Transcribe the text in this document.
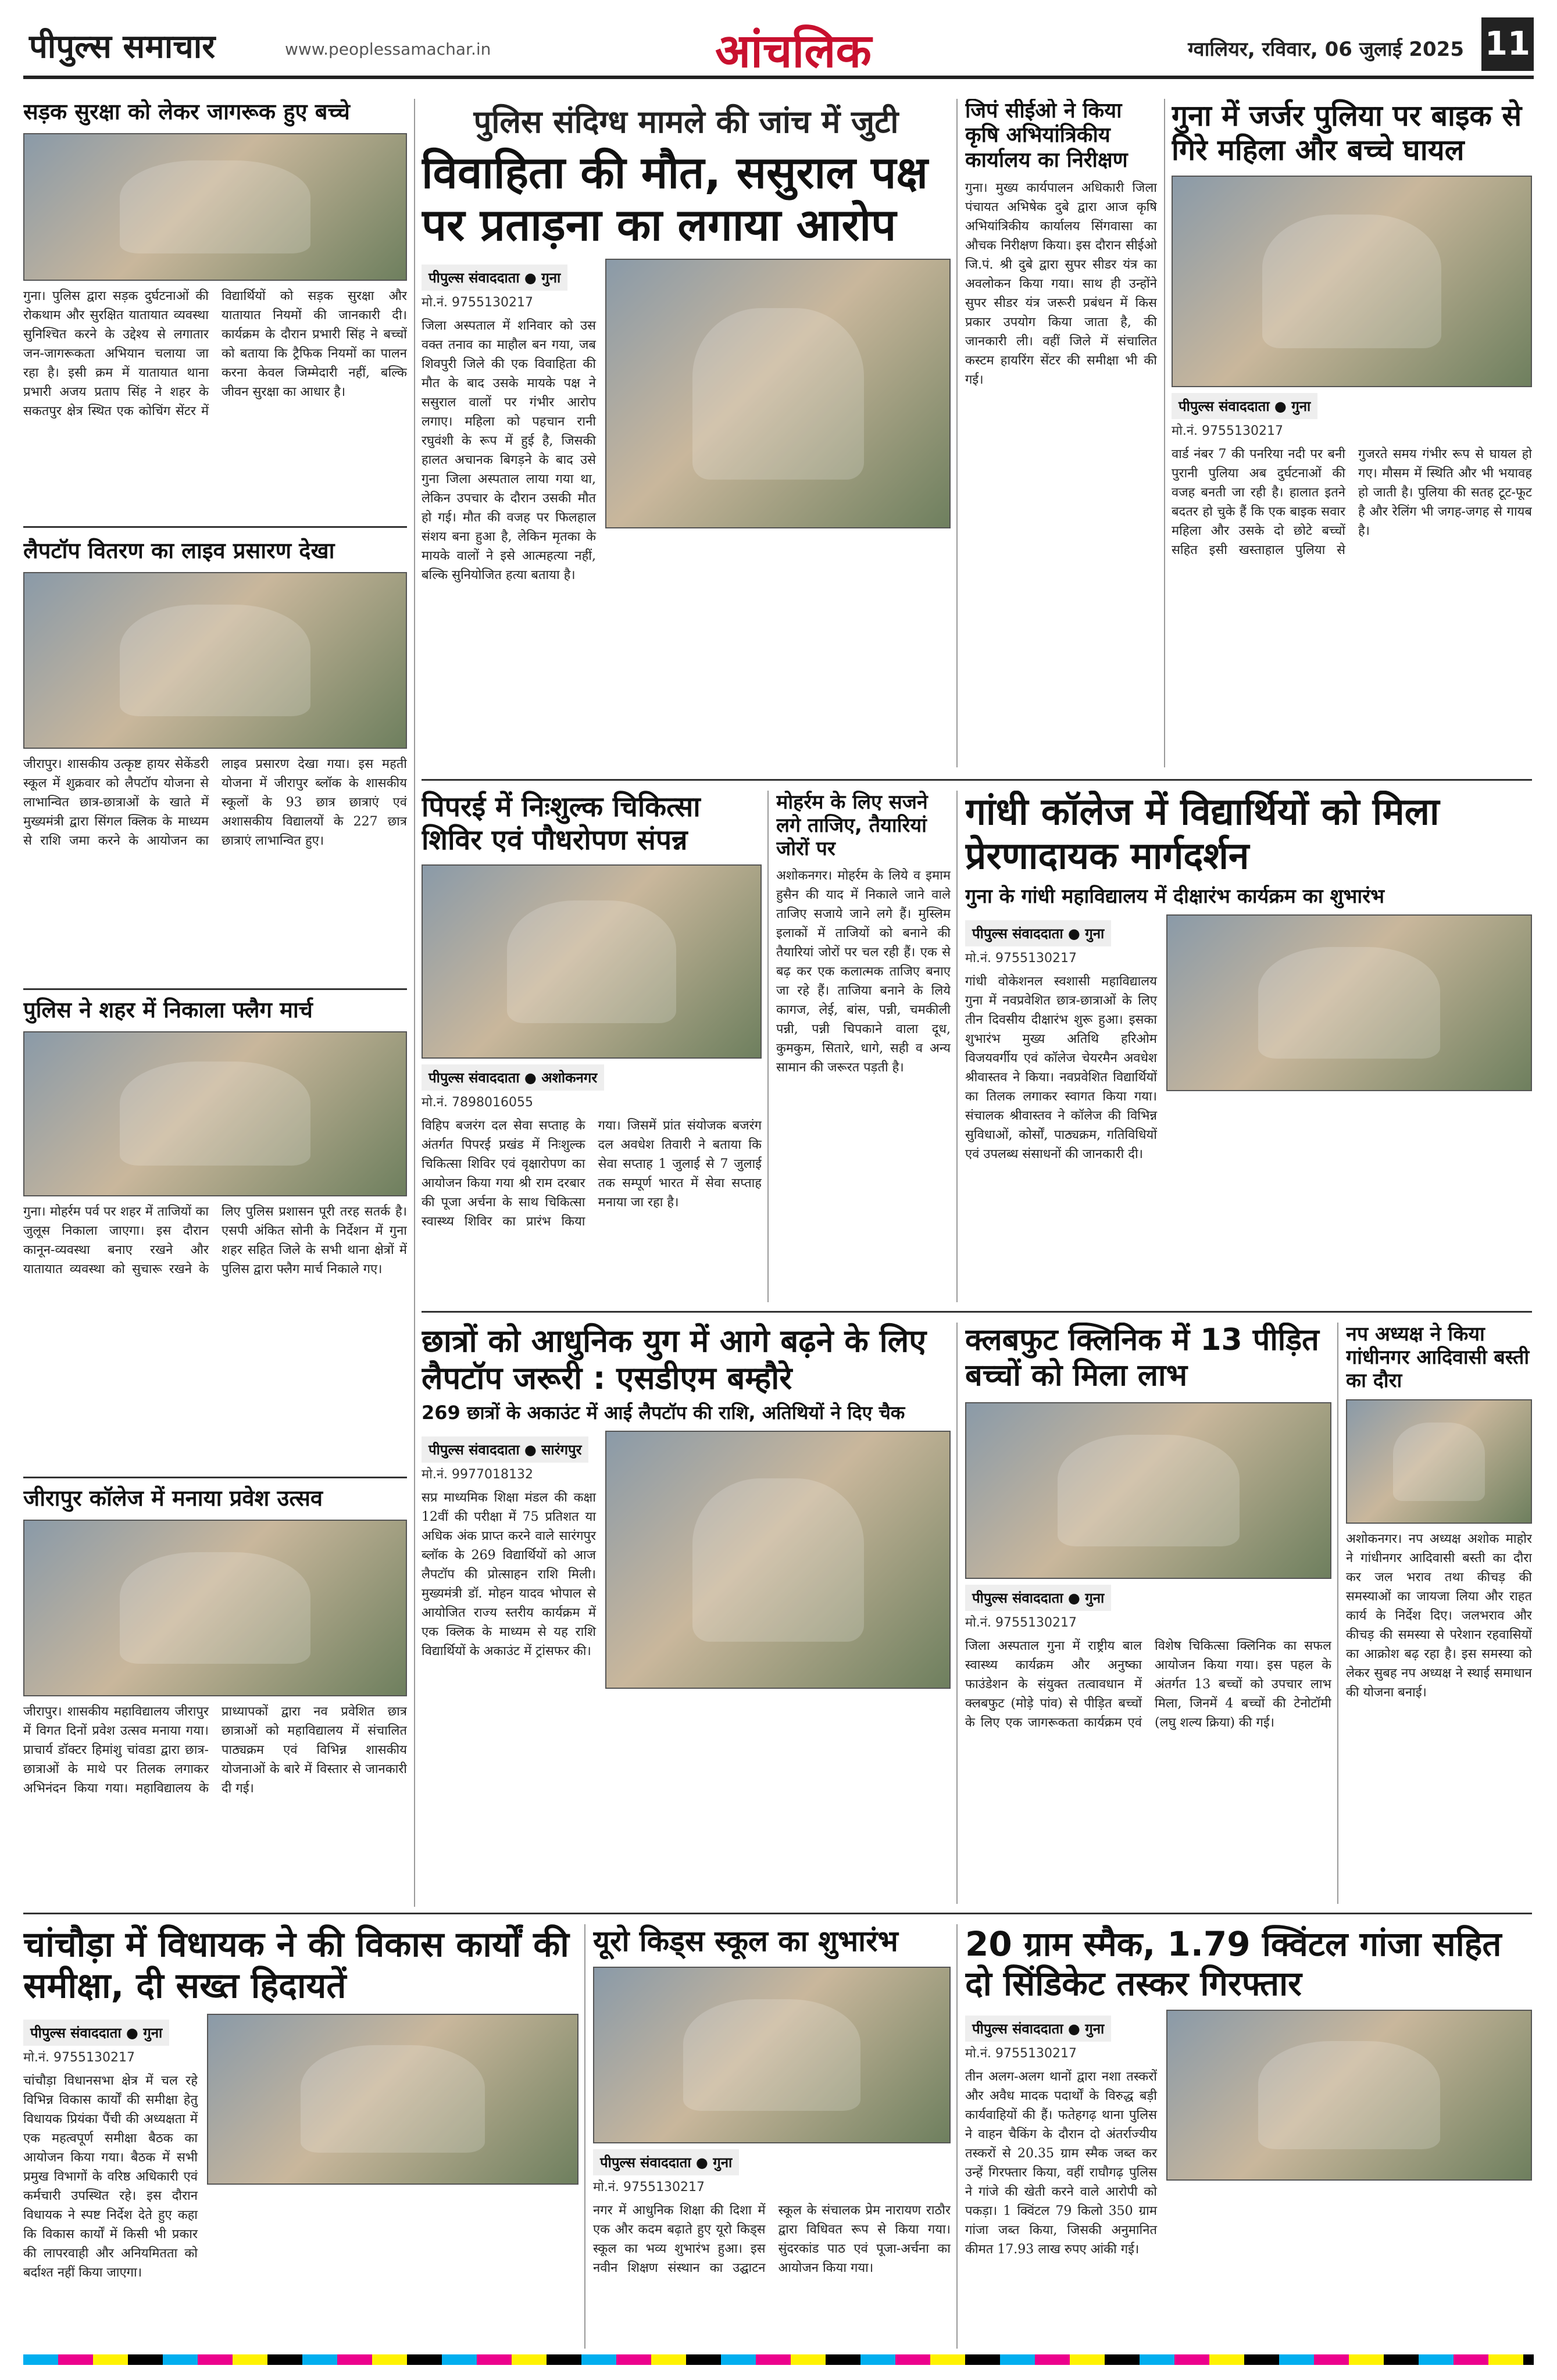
पीपुल्स समाचार	www.peoplessamachar.in	आंचलिक	ग्वालियर, रविवार, 06 जुलाई 2025 11
सड़क सुरक्षा को लेकर जागरूक हुए बच्चे
गुना। पुलिस द्वारा सड़क दुर्घटनाओं की रोकथाम और सुरक्षित यातायात व्यवस्था सुनिश्चित करने के उद्देश्य से लगातार जन-जागरूकता अभियान चलाया जा रहा है। इसी क्रम में यातायात थाना प्रभारी अजय प्रताप सिंह ने शहर के सकतपुर क्षेत्र स्थित एक कोचिंग सेंटर में विद्यार्थियों को सड़क सुरक्षा और यातायात नियमों की जानकारी दी। कार्यक्रम के दौरान प्रभारी सिंह ने बच्चों को बताया कि ट्रैफिक नियमों का पालन करना केवल जिम्मेदारी नहीं, बल्कि जीवन सुरक्षा का आधार है।
लैपटॉप वितरण का लाइव प्रसारण देखा
जीरापुर। शासकीय उत्कृष्ट हायर सेकेंडरी स्कूल में शुक्रवार को लैपटॉप योजना से लाभान्वित छात्र-छात्राओं के खाते में मुख्यमंत्री द्वारा सिंगल क्लिक के माध्यम से राशि जमा करने के आयोजन का लाइव प्रसारण देखा गया। इस महती योजना में जीरापुर ब्लॉक के शासकीय स्कूलों के 93 छात्र छात्राएं एवं अशासकीय विद्यालयों के 227 छात्र छात्राएं लाभान्वित हुए।
पुलिस ने शहर में निकाला फ्लैग मार्च
गुना। मोहर्रम पर्व पर शहर में ताजियों का जुलूस निकाला जाएगा। इस दौरान कानून-व्यवस्था बनाए रखने और यातायात व्यवस्था को सुचारू रखने के लिए पुलिस प्रशासन पूरी तरह सतर्क है। एसपी अंकित सोनी के निर्देशन में गुना शहर सहित जिले के सभी थाना क्षेत्रों में पुलिस द्वारा फ्लैग मार्च निकाले गए।
जीरापुर कॉलेज में मनाया प्रवेश उत्सव
जीरापुर। शासकीय महाविद्यालय जीरापुर में विगत दिनों प्रवेश उत्सव मनाया गया। प्राचार्य डॉक्टर हिमांशु चांवडा द्वारा छात्र-छात्राओं के माथे पर तिलक लगाकर अभिनंदन किया गया। महाविद्यालय के प्राध्यापकों द्वारा नव प्रवेशित छात्र छात्राओं को महाविद्यालय में संचालित पाठ्यक्रम एवं विभिन्न शासकीय योजनाओं के बारे में विस्तार से जानकारी दी गई।
पुलिस संदिग्ध मामले की जांच में जुटी
विवाहिता की मौत, ससुराल पक्ष पर प्रताड़ना का लगाया आरोप
पीपुल्स संवाददाता ● गुना
मो.नं. 9755130217
जिला अस्पताल में शनिवार को उस वक्त तनाव का माहौल बन गया, जब शिवपुरी जिले की एक विवाहिता की मौत के बाद उसके मायके पक्ष ने ससुराल वालों पर गंभीर आरोप लगाए। महिला को पहचान रानी रघुवंशी के रूप में हुई है, जिसकी हालत अचानक बिगड़ने के बाद उसे गुना जिला अस्पताल लाया गया था, लेकिन उपचार के दौरान उसकी मौत हो गई। मौत की वजह पर फिलहाल संशय बना हुआ है, लेकिन मृतका के मायके वालों ने इसे आत्महत्या नहीं, बल्कि सुनियोजित हत्या बताया है।
जिपं सीईओ ने किया कृषि अभियांत्रिकीय कार्यालय का निरीक्षण
गुना। मुख्य कार्यपालन अधिकारी जिला पंचायत अभिषेक दुबे द्वारा आज कृषि अभियांत्रिकीय कार्यालय सिंगवासा का औचक निरीक्षण किया। इस दौरान सीईओ जि.पं. श्री दुबे द्वारा सुपर सीडर यंत्र का अवलोकन किया गया। साथ ही उन्होंने सुपर सीडर यंत्र जरूरी प्रबंधन में किस प्रकार उपयोग किया जाता है, की जानकारी ली। वहीं जिले में संचालित कस्टम हायरिंग सेंटर की समीक्षा भी की गई।
गुना में जर्जर पुलिया पर बाइक से गिरे महिला और बच्चे घायल
पीपुल्स संवाददाता ● गुना
मो.नं. 9755130217
वार्ड नंबर 7 की पनरिया नदी पर बनी पुरानी पुलिया अब दुर्घटनाओं की वजह बनती जा रही है। हालात इतने बदतर हो चुके हैं कि एक बाइक सवार महिला और उसके दो छोटे बच्चों सहित इसी खस्ताहाल पुलिया से गुजरते समय गंभीर रूप से घायल हो गए। मौसम में स्थिति और भी भयावह हो जाती है। पुलिया की सतह टूट-फूट है और रेलिंग भी जगह-जगह से गायब है।
पिपरई में निःशुल्क चिकित्सा शिविर एवं पौधरोपण संपन्न
पीपुल्स संवाददाता ● अशोकनगर
मो.नं. 7898016055
विहिप बजरंग दल सेवा सप्ताह के अंतर्गत पिपरई प्रखंड में निःशुल्क चिकित्सा शिविर एवं वृक्षारोपण का आयोजन किया गया श्री राम दरबार की पूजा अर्चना के साथ चिकित्सा स्वास्थ्य शिविर का प्रारंभ किया गया। जिसमें प्रांत संयोजक बजरंग दल अवधेश तिवारी ने बताया कि सेवा सप्ताह 1 जुलाई से 7 जुलाई तक सम्पूर्ण भारत में सेवा सप्ताह मनाया जा रहा है।
मोहर्रम के लिए सजने लगे ताजिए, तैयारियां जोरों पर
अशोकनगर। मोहर्रम के लिये व इमाम हुसैन की याद में निकाले जाने वाले ताजिए सजाये जाने लगे हैं। मुस्लिम इलाकों में ताजियों को बनाने की तैयारियां जोरों पर चल रही हैं। एक से बढ़ कर एक कलात्मक ताजिए बनाए जा रहे हैं। ताजिया बनाने के लिये कागज, लेई, बांस, पन्नी, चमकीली पन्नी, पन्नी चिपकाने वाला दूध, कुमकुम, सितारे, धागे, सही व अन्य सामान की जरूरत पड़ती है।
गांधी कॉलेज में विद्यार्थियों को मिला प्रेरणादायक मार्गदर्शन
गुना के गांधी महाविद्यालय में दीक्षारंभ कार्यक्रम का शुभारंभ
पीपुल्स संवाददाता ● गुना
मो.नं. 9755130217
गांधी वोकेशनल स्वशासी महाविद्यालय गुना में नवप्रवेशित छात्र-छात्राओं के लिए तीन दिवसीय दीक्षारंभ शुरू हुआ। इसका शुभारंभ मुख्य अतिथि हरिओम विजयवर्गीय एवं कॉलेज चेयरमैन अवधेश श्रीवास्तव ने किया। नवप्रवेशित विद्यार्थियों का तिलक लगाकर स्वागत किया गया। संचालक श्रीवास्तव ने कॉलेज की विभिन्न सुविधाओं, कोर्सों, पाठ्यक्रम, गतिविधियों एवं उपलब्ध संसाधनों की जानकारी दी।
छात्रों को आधुनिक युग में आगे बढ़ने के लिए लैपटॉप जरूरी : एसडीएम बम्हौरे
269 छात्रों के अकाउंट में आई लैपटॉप की राशि, अतिथियों ने दिए चैक
पीपुल्स संवाददाता ● सारंगपुर
मो.नं. 9977018132
सप्र माध्यमिक शिक्षा मंडल की कक्षा 12वीं की परीक्षा में 75 प्रतिशत या अधिक अंक प्राप्त करने वाले सारंगपुर ब्लॉक के 269 विद्यार्थियों को आज लैपटॉप की प्रोत्साहन राशि मिली। मुख्यमंत्री डॉ. मोहन यादव भोपाल से आयोजित राज्य स्तरीय कार्यक्रम में एक क्लिक के माध्यम से यह राशि विद्यार्थियों के अकाउंट में ट्रांसफर की।
क्लबफुट क्लिनिक में 13 पीड़ित बच्चों को मिला लाभ
पीपुल्स संवाददाता ● गुना
मो.नं. 9755130217
जिला अस्पताल गुना में राष्ट्रीय बाल स्वास्थ्य कार्यक्रम और अनुष्का फाउंडेशन के संयुक्त तत्वावधान में क्लबफुट (मोड़े पांव) से पीड़ित बच्चों के लिए एक जागरूकता कार्यक्रम एवं विशेष चिकित्सा क्लिनिक का सफल आयोजन किया गया। इस पहल के अंतर्गत 13 बच्चों को उपचार लाभ मिला, जिनमें 4 बच्चों की टेनोटॉमी (लघु शल्य क्रिया) की गई।
नप अध्यक्ष ने किया गांधीनगर आदिवासी बस्ती का दौरा
अशोकनगर। नप अध्यक्ष अशोक माहोर ने गांधीनगर आदिवासी बस्ती का दौरा कर जल भराव तथा कीचड़ की समस्याओं का जायजा लिया और राहत कार्य के निर्देश दिए। जलभराव और कीचड़ की समस्या से परेशान रहवासियों का आक्रोश बढ़ रहा है। इस समस्या को लेकर सुबह नप अध्यक्ष ने स्थाई समाधान की योजना बनाई।
चांचौड़ा में विधायक ने की विकास कार्यों की समीक्षा, दी सख्त हिदायतें
पीपुल्स संवाददाता ● गुना
मो.नं. 9755130217
चांचौड़ा विधानसभा क्षेत्र में चल रहे विभिन्न विकास कार्यों की समीक्षा हेतु विधायक प्रियंका पैंची की अध्यक्षता में एक महत्वपूर्ण समीक्षा बैठक का आयोजन किया गया। बैठक में सभी प्रमुख विभागों के वरिष्ठ अधिकारी एवं कर्मचारी उपस्थित रहे। इस दौरान विधायक ने स्पष्ट निर्देश देते हुए कहा कि विकास कार्यों में किसी भी प्रकार की लापरवाही और अनियमितता को बर्दाश्त नहीं किया जाएगा।
यूरो किड्स स्कूल का शुभारंभ
पीपुल्स संवाददाता ● गुना
मो.नं. 9755130217
नगर में आधुनिक शिक्षा की दिशा में एक और कदम बढ़ाते हुए यूरो किड्स स्कूल का भव्य शुभारंभ हुआ। इस नवीन शिक्षण संस्थान का उद्घाटन स्कूल के संचालक प्रेम नारायण राठौर द्वारा विधिवत रूप से किया गया। सुंदरकांड पाठ एवं पूजा-अर्चना का आयोजन किया गया।
20 ग्राम स्मैक, 1.79 क्विंटल गांजा सहित दो सिंडिकेट तस्कर गिरफ्तार
पीपुल्स संवाददाता ● गुना
मो.नं. 9755130217
तीन अलग-अलग थानों द्वारा नशा तस्करों और अवैध मादक पदार्थों के विरुद्ध बड़ी कार्यवाहियों की हैं। फतेहगढ़ थाना पुलिस ने वाहन चैकिंग के दौरान दो अंतर्राज्यीय तस्करों से 20.35 ग्राम स्मैक जब्त कर उन्हें गिरफ्तार किया, वहीं राघौगढ़ पुलिस ने गांजे की खेती करने वाले आरोपी को पकड़ा। 1 क्विंटल 79 किलो 350 ग्राम गांजा जब्त किया, जिसकी अनुमानित कीमत 17.93 लाख रुपए आंकी गई।
